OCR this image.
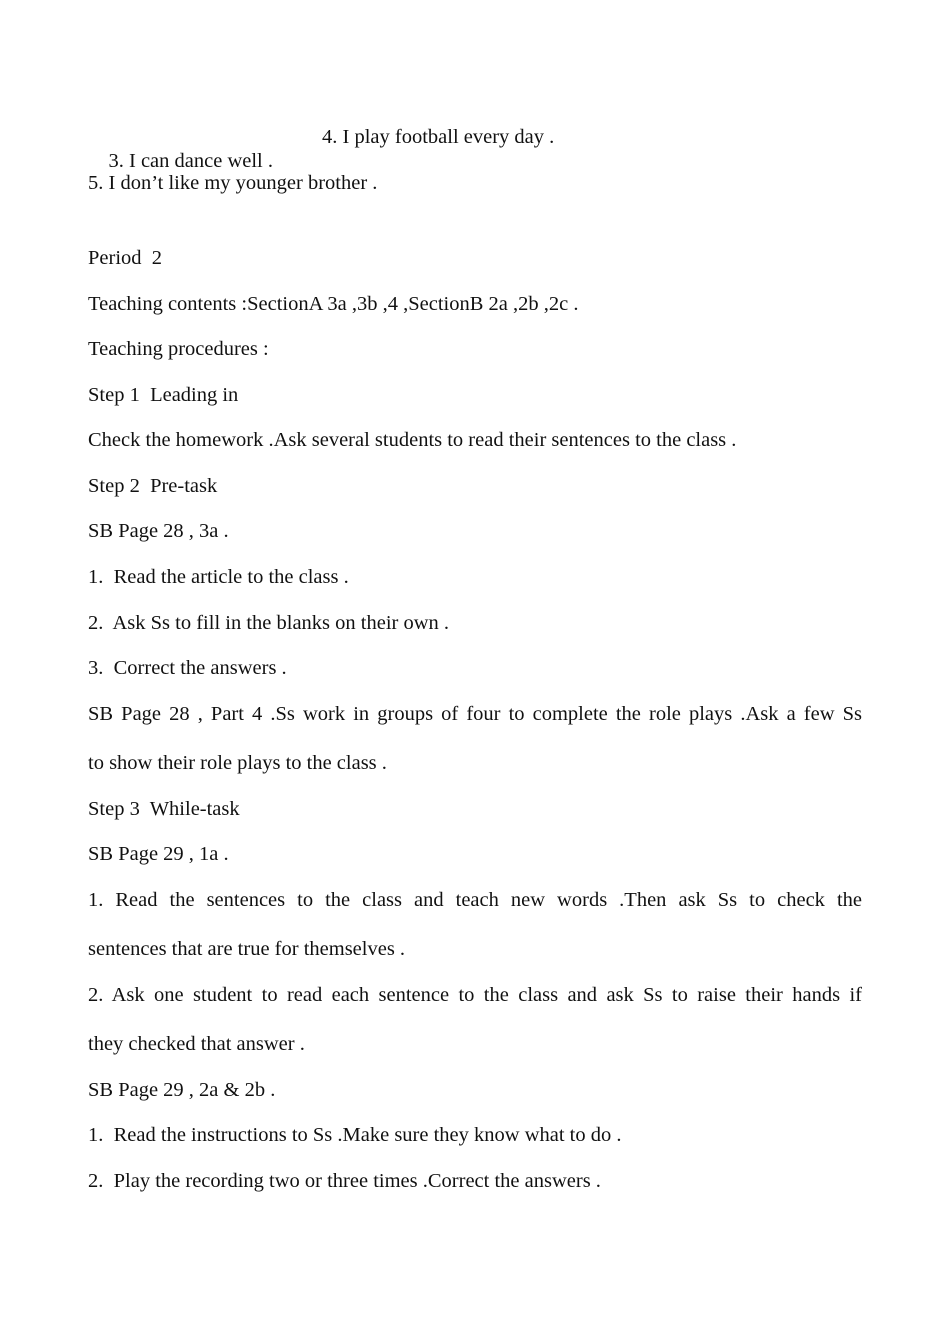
3. I can dance well .

4. I play football every day .

5. I don’t like my younger brother .
Period  2
Teaching contents :SectionA 3a ,3b ,4 ,SectionB 2a ,2b ,2c .
Teaching procedures :
Step 1  Leading in
Check the homework .Ask several students to read their sentences to the class .
Step 2  Pre-task
SB Page 28 , 3a .
1.  Read the article to the class .
2.  Ask Ss to fill in the blanks on their own .
3.  Correct the answers .
SB Page 28 , Part 4 .Ss work in groups of four to complete the role plays .Ask a few Ss
to show their role plays to the class .
Step 3  While-task
SB Page 29 , 1a .
1. Read the sentences to the class and teach new words .Then ask Ss to check the
sentences that are true for themselves .
2. Ask one student to read each sentence to the class and ask Ss to raise their hands if
they checked that answer .
SB Page 29 , 2a & 2b .
1.  Read the instructions to Ss .Make sure they know what to do .
2.  Play the recording two or three times .Correct the answers .
